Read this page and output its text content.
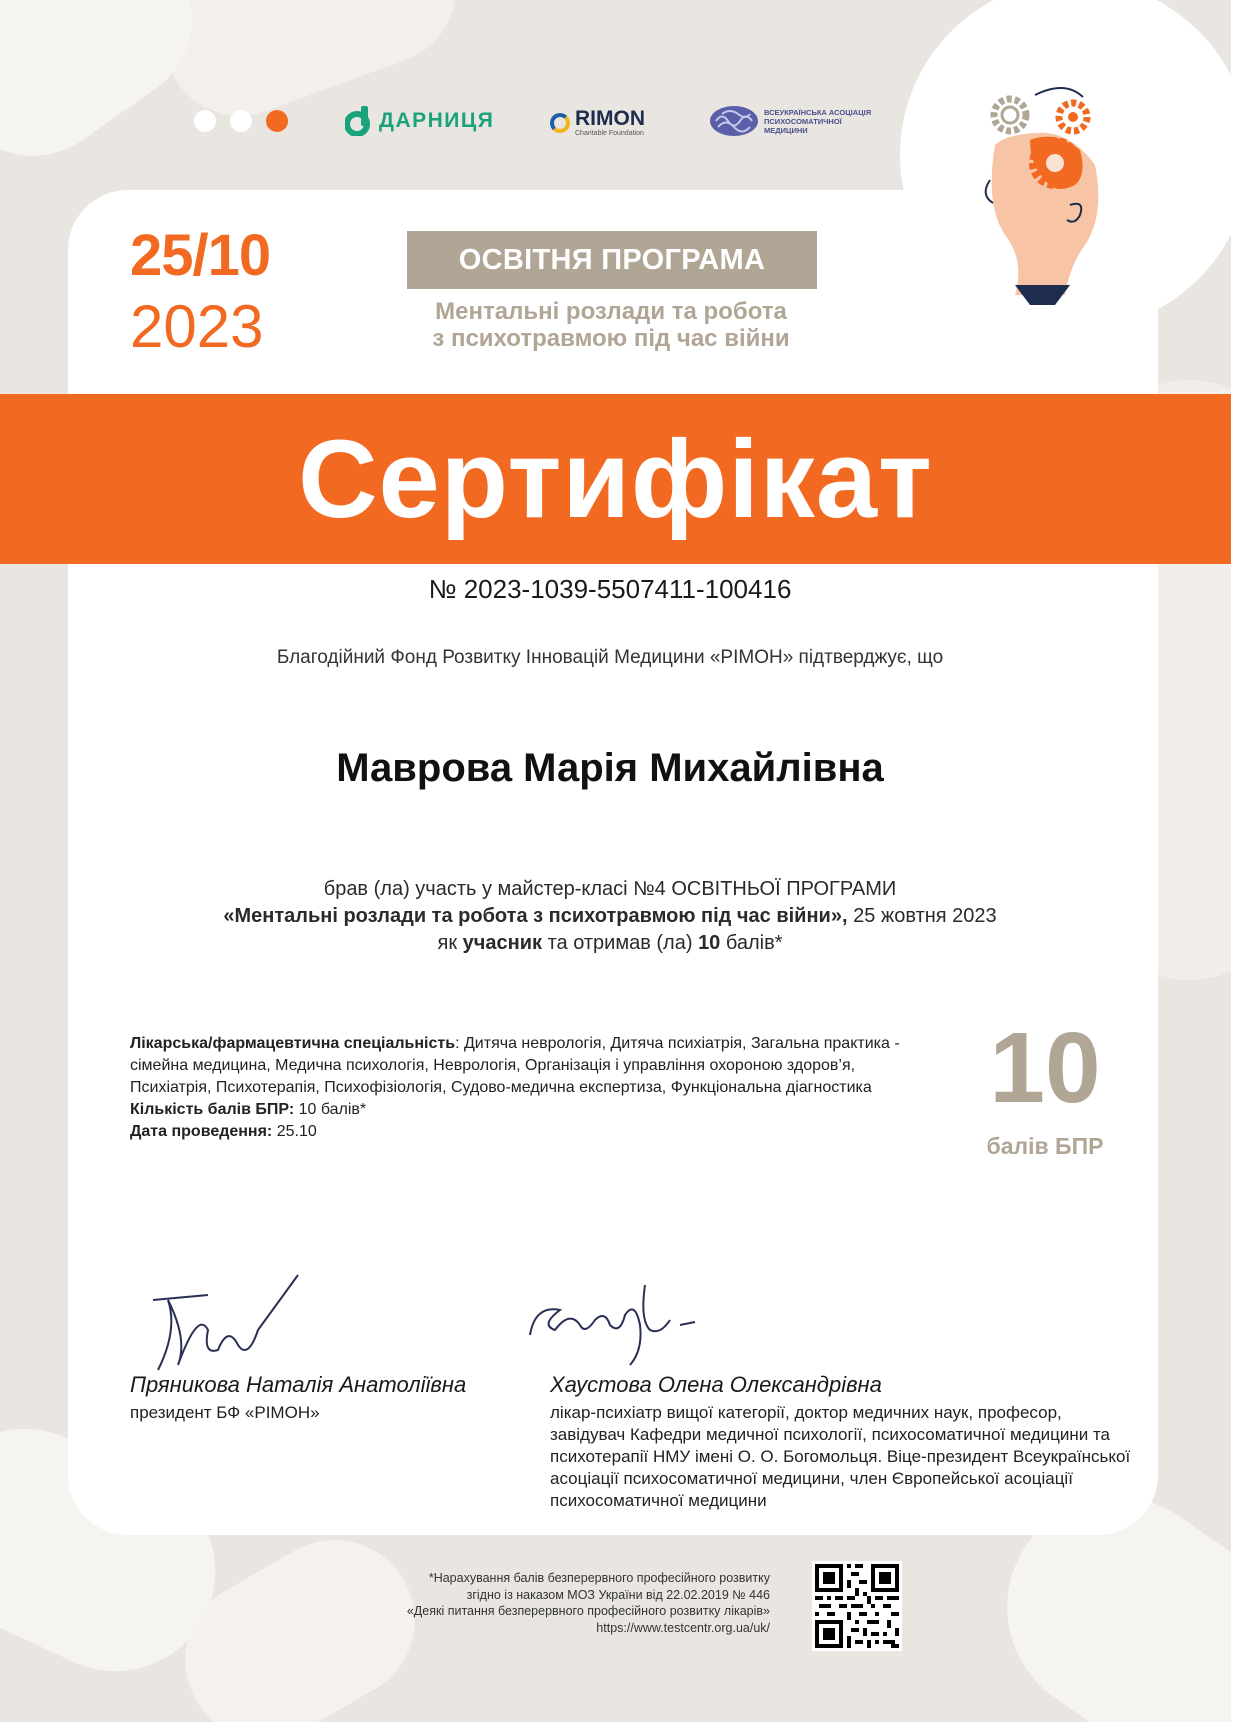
ДАРНИЦЯ	RIMON
Charitable Foundation
ВСЕУКРАЇНСЬКА АСОЦІАЦІЯ ПСИХОСОМАТИЧНОЇ МЕДИЦИНИ
25/10
2023
ОСВІТНЯ ПРОГРАМА
Ментальні розлади та робота
з психотравмою під час війни
Сертифікат
№ 2023-1039-5507411-100416
Благодійний Фонд Розвитку Інновацій Медицини «РІМОН» підтверджує, що
Маврова Марія Михайлівна
брав (ла) участь у майстер-класі №4 ОСВІТНЬОЇ ПРОГРАМИ
«Ментальні розлади та робота з психотравмою під час війни», 25 жовтня 2023
як учасник та отримав (ла) 10 балів*
Лікарська/фармацевтична спеціальність: Дитяча неврологія, Дитяча психіатрія, Загальна практика - сімейна медицина, Медична психологія, Неврологія, Організація і управління охороною здоров’я, Психіатрія, Психотерапія, Психофізіологія, Судово-медична експертиза, Функціональна діагностика
Кількість балів БПР: 10 балів*
Дата проведення: 25.10
10
балів БПР
Пряникова Наталія Анатоліївна
президент БФ «РІМОН»
Хаустова Олена Олександрівна
лікар-психіатр вищої категорії, доктор медичних наук, професор, завідувач Кафедри медичної психології, психосоматичної медицини та психотерапії НМУ імені О. О. Богомольця. Віце-президент Всеукраїнської асоціації психосоматичної медицини, член Європейської асоціації психосоматичної медицини
*Нарахування балів безперервного професійного розвитку
згідно із наказом МОЗ України від 22.02.2019 № 446
«Деякі питання безперервного професійного розвитку лікарів»
https://www.testcentr.org.ua/uk/
